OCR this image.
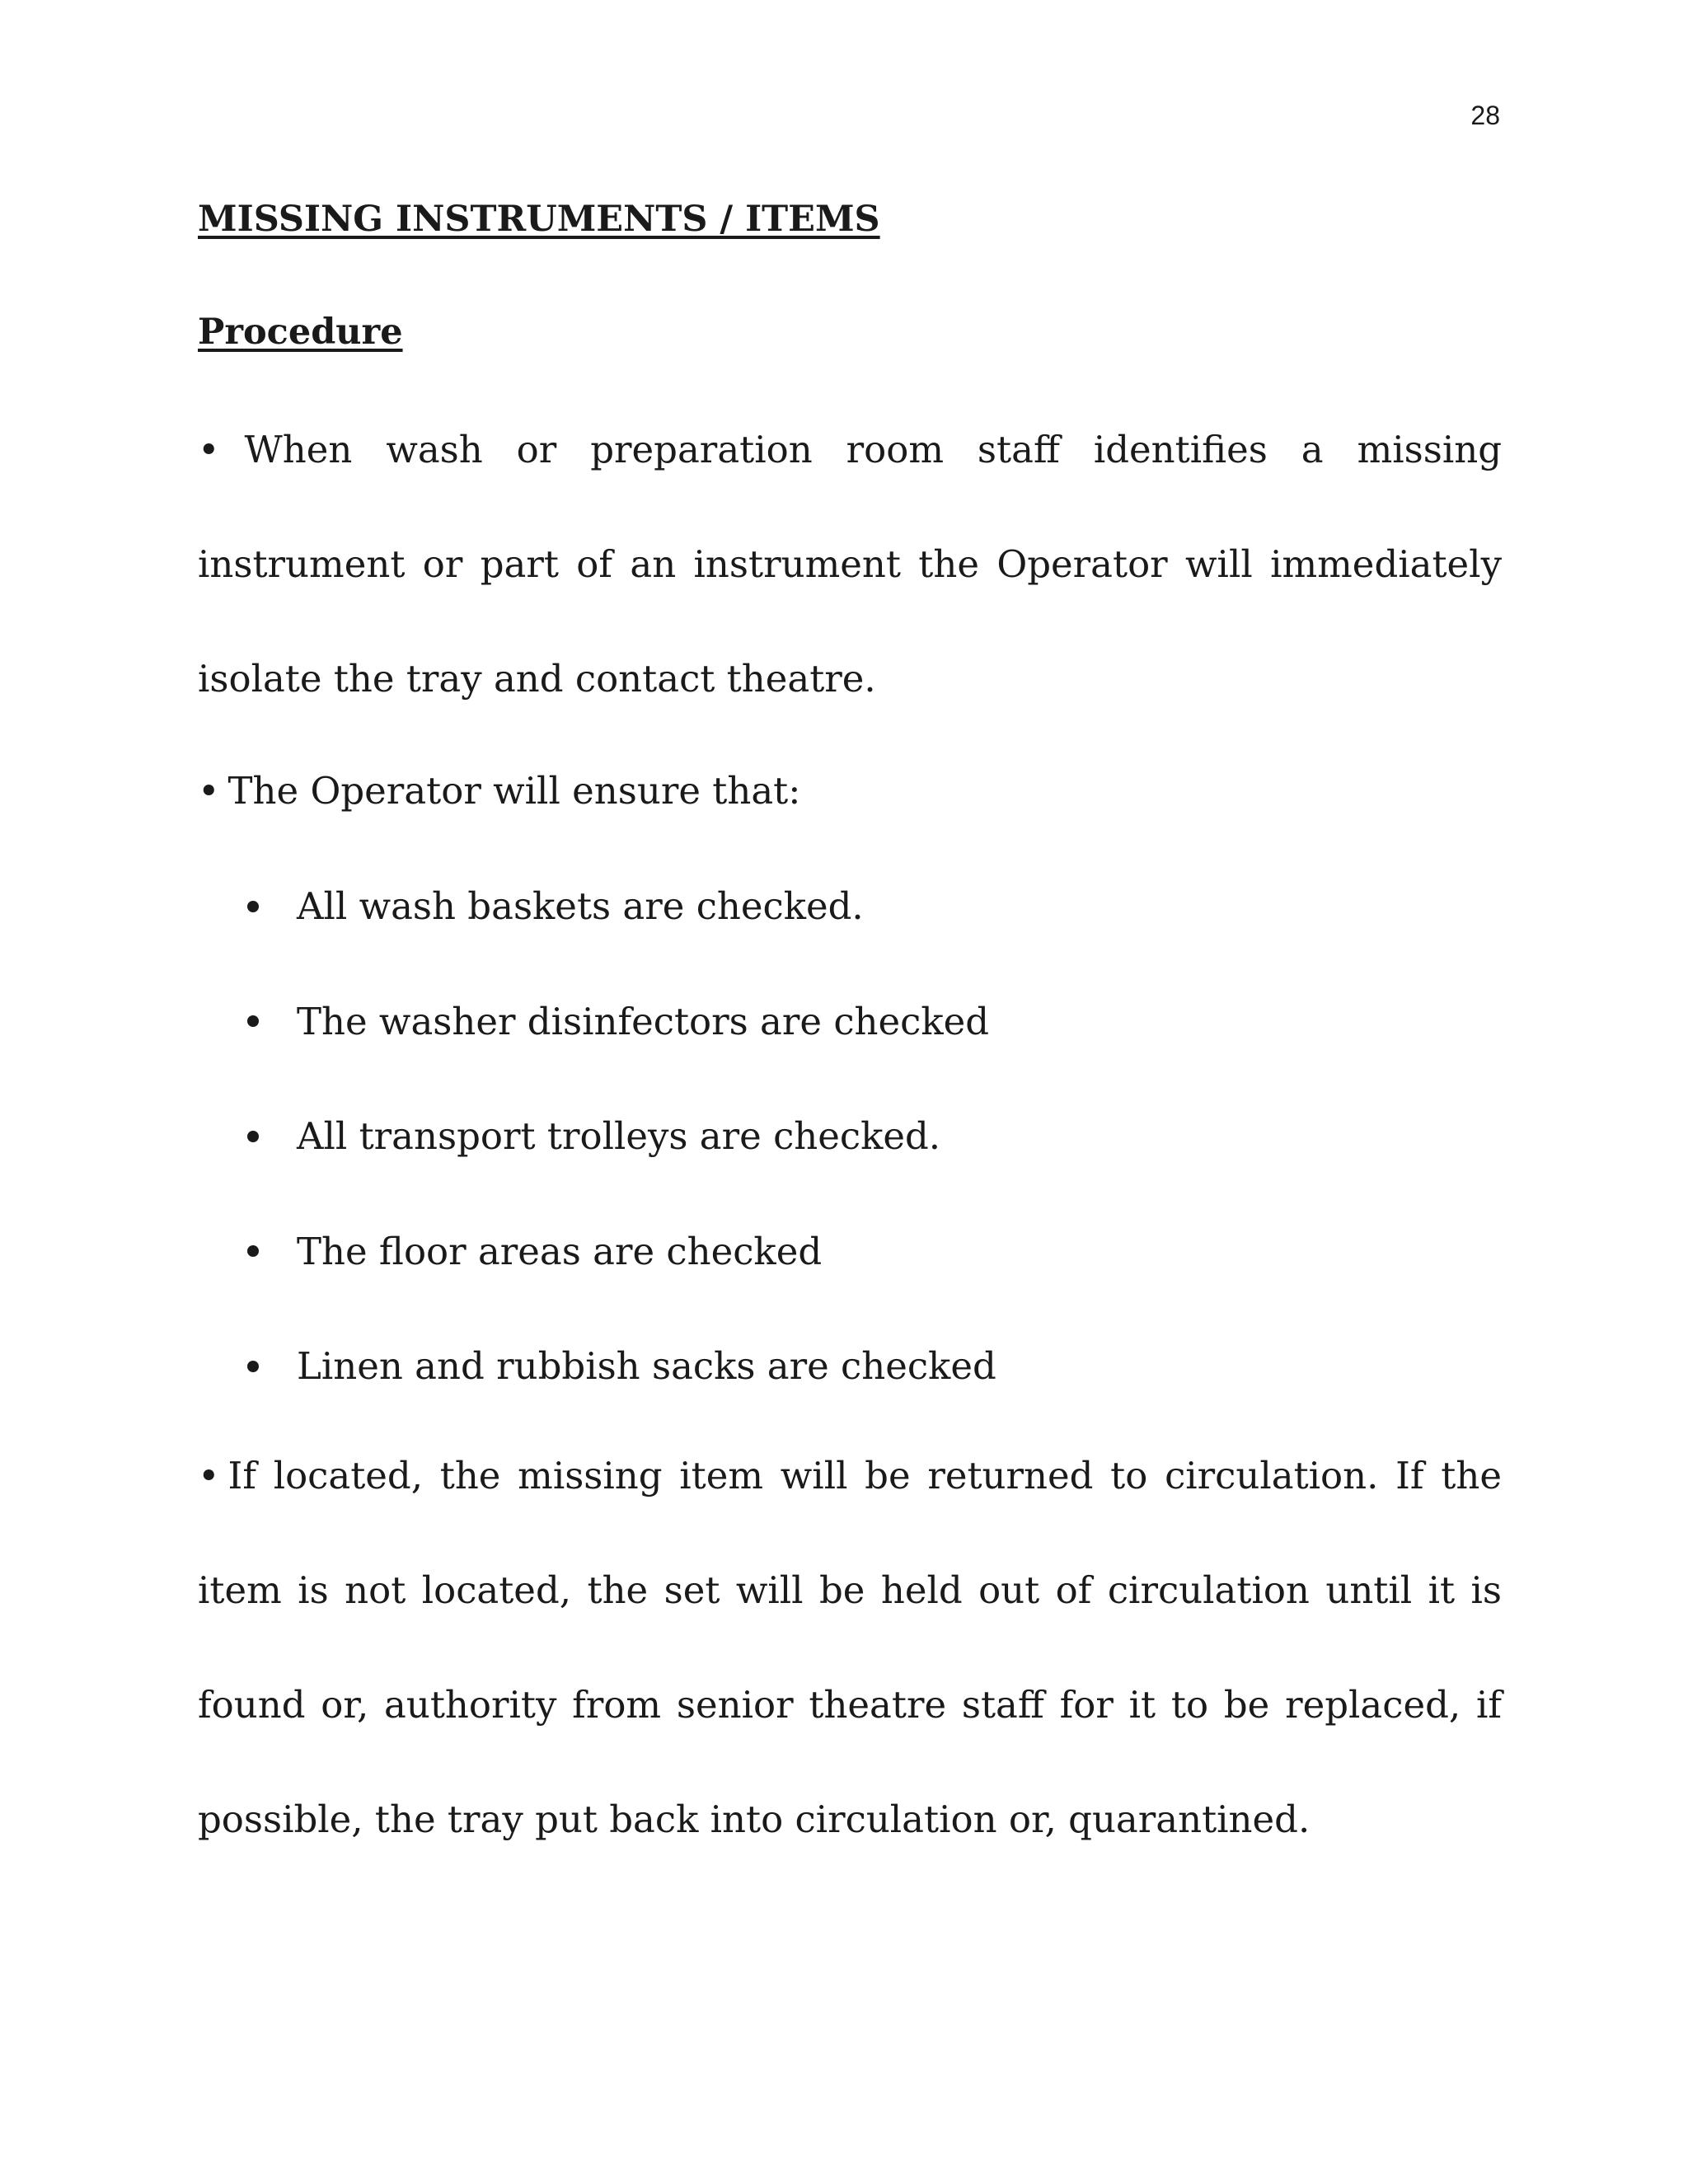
28
MISSING INSTRUMENTS / ITEMS
Procedure
• When wash or preparation room staff identifies a missing instrument or part of an instrument the Operator will immediately isolate the tray and contact theatre.
• The Operator will ensure that:
All wash baskets are checked.
The washer disinfectors are checked
All transport trolleys are checked.
The floor areas are checked
Linen and rubbish sacks are checked
• If located, the missing item will be returned to circulation. If the item is not located, the set will be held out of circulation until it is found or, authority from senior theatre staff for it to be replaced, if possible, the tray put back into circulation or, quarantined.
